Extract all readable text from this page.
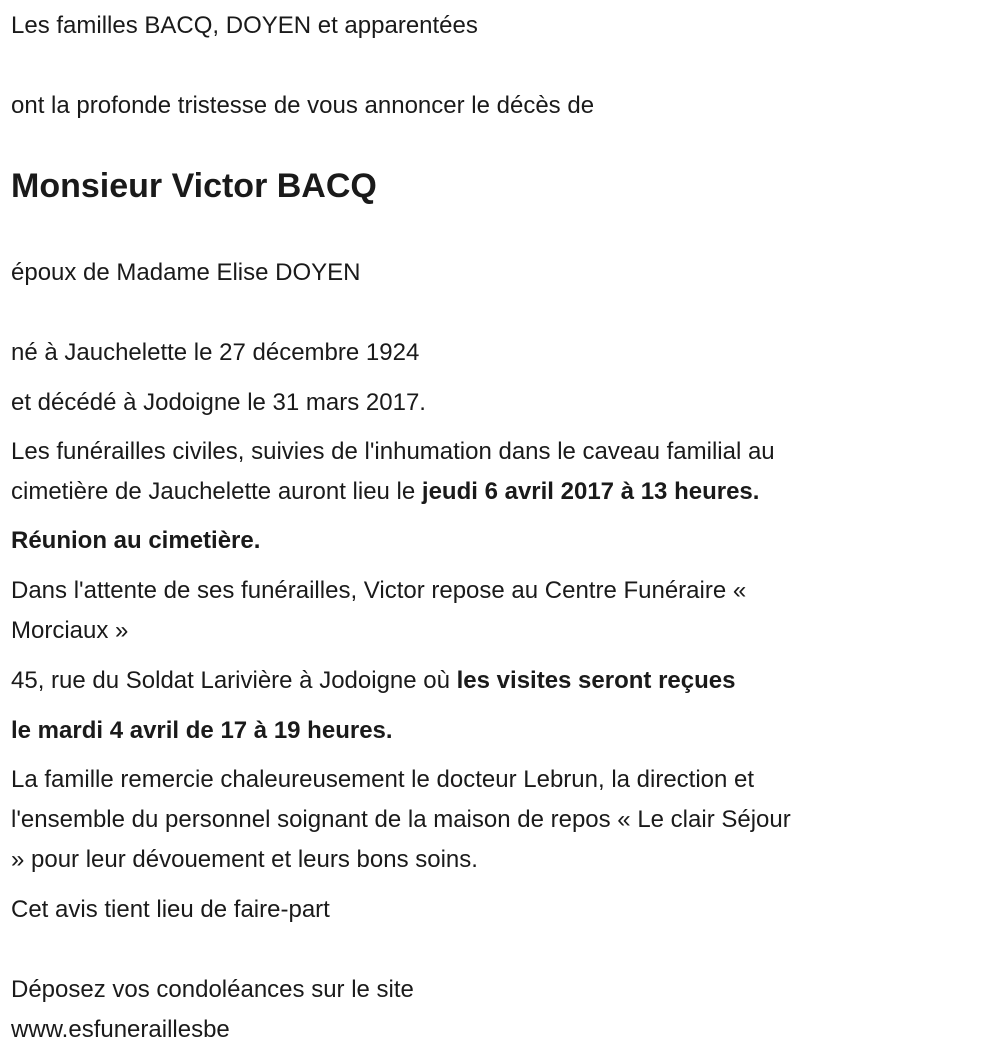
Les familles BACQ, DOYEN et apparentées
ont la profonde tristesse de vous annoncer le décès de
Monsieur Victor BACQ
époux de Madame Elise DOYEN
né à Jauchelette le 27 décembre 1924
et décédé à Jodoigne le 31 mars 2017.
Les funérailles civiles, suivies de l'inhumation dans le caveau familial au
cimetière de Jauchelette auront lieu le jeudi 6 avril 2017 à 13 heures.
Réunion au cimetière.
Dans l'attente de ses funérailles, Victor repose au Centre Funéraire «
Morciaux »
45, rue du Soldat Larivière à Jodoigne où les visites seront reçues
le mardi 4 avril de 17 à 19 heures.
La famille remercie chaleureusement le docteur Lebrun, la direction et
l'ensemble du personnel soignant de la maison de repos « Le clair Séjour
» pour leur dévouement et leurs bons soins.
Cet avis tient lieu de faire-part
Déposez vos condoléances sur le site
www.esfuneraillesbe
